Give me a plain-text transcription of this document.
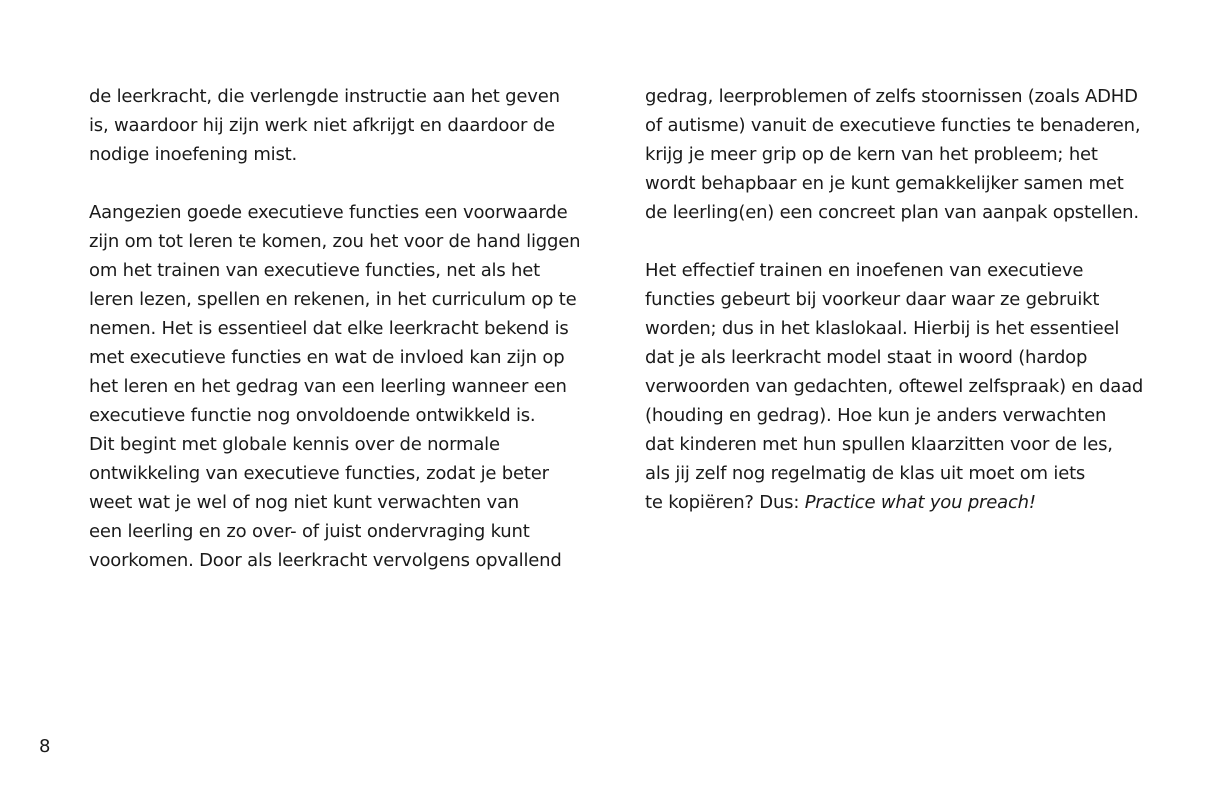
de leerkracht, die verlengde instructie aan het geven
is, waardoor hij zijn werk niet afkrijgt en daardoor de
nodige inoefening mist.
Aangezien goede executieve functies een voorwaarde
zijn om tot leren te komen, zou het voor de hand liggen
om het trainen van executieve functies, net als het
leren lezen, spellen en rekenen, in het curriculum op te
nemen. Het is essentieel dat elke leerkracht bekend is
met executieve functies en wat de invloed kan zijn op
het leren en het gedrag van een leerling wanneer een
executieve functie nog onvoldoende ontwikkeld is.
Dit begint met globale kennis over de normale
ontwikkeling van executieve functies, zodat je beter
weet wat je wel of nog niet kunt verwachten van
een leerling en zo over- of juist ondervraging kunt
voorkomen. Door als leerkracht vervolgens opvallend
gedrag, leerproblemen of zelfs stoornissen (zoals ADHD
of autisme) vanuit de executieve functies te benaderen,
krijg je meer grip op de kern van het probleem; het
wordt behapbaar en je kunt gemakkelijker samen met
de leerling(en) een concreet plan van aanpak opstellen.
Het effectief trainen en inoefenen van executieve
functies gebeurt bij voorkeur daar waar ze gebruikt
worden; dus in het klaslokaal. Hierbij is het essentieel
dat je als leerkracht model staat in woord (hardop
verwoorden van gedachten, oftewel zelfspraak) en daad
(houding en gedrag). Hoe kun je anders verwachten
dat kinderen met hun spullen klaarzitten voor de les,
als jij zelf nog regelmatig de klas uit moet om iets
te kopiëren? Dus: Practice what you preach!
8
